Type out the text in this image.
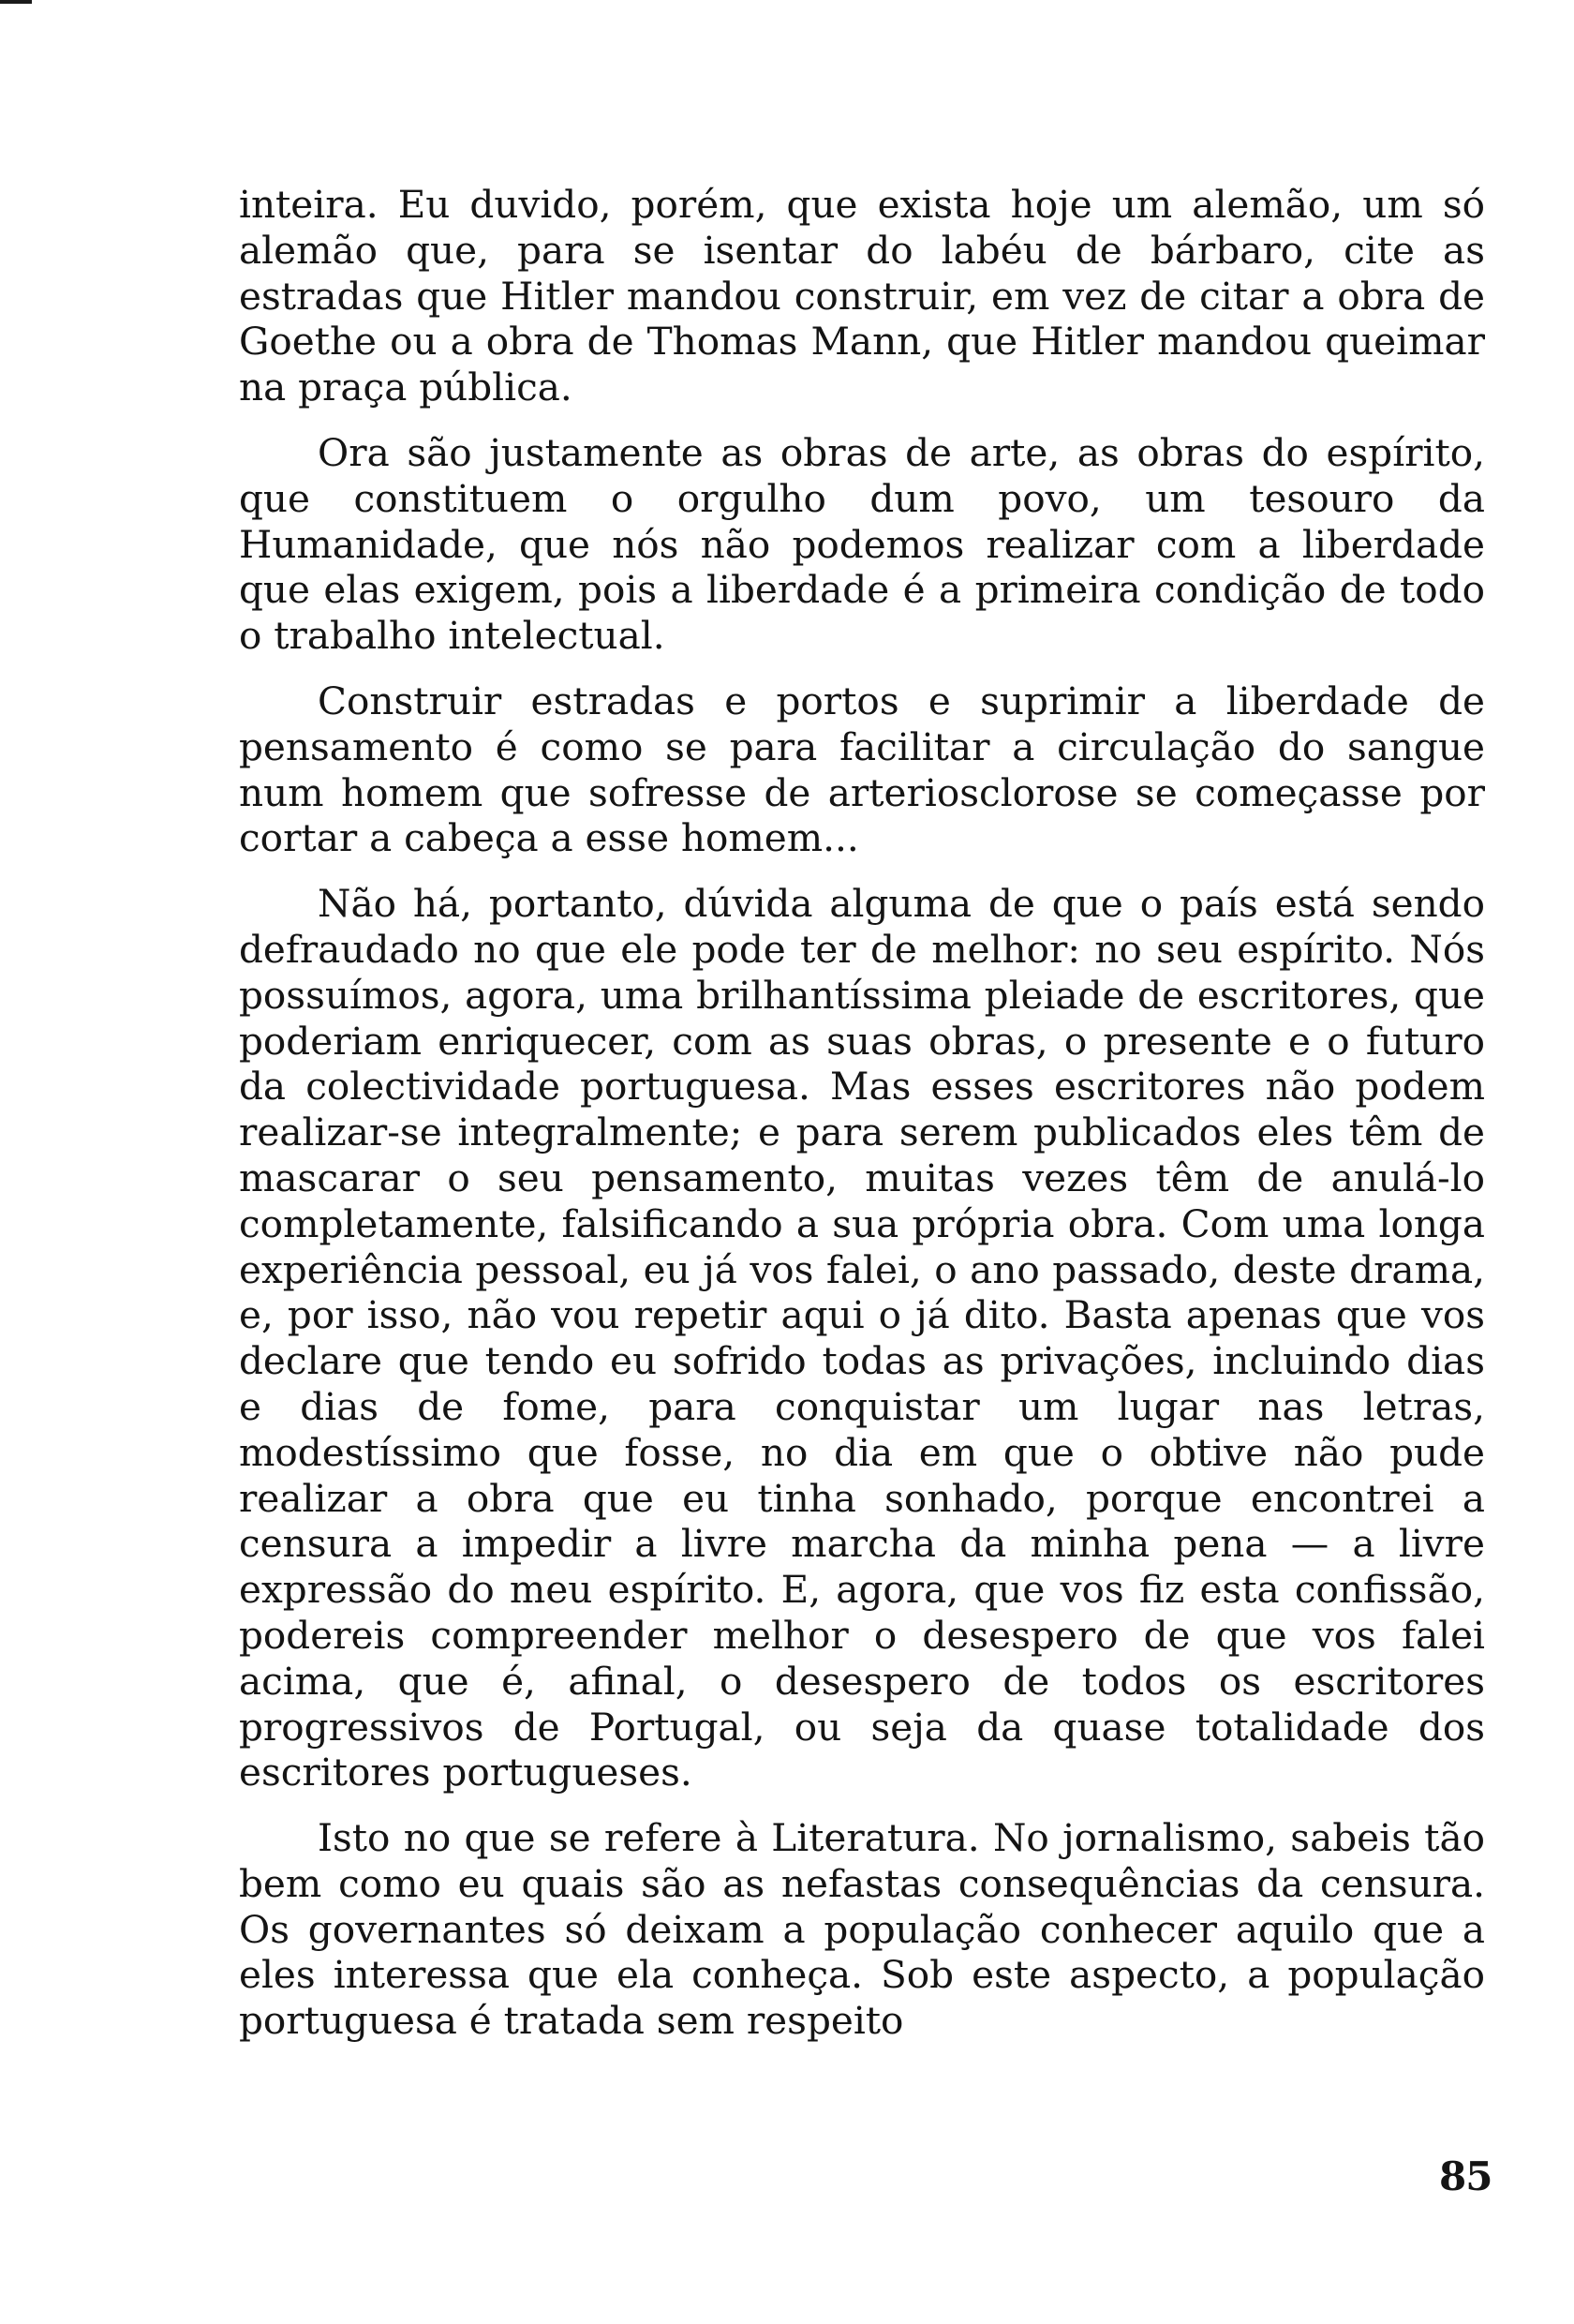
inteira. Eu duvido, porém, que exista hoje um alemão, um só alemão que, para se isentar do labéu de bárbaro, cite as estradas que Hitler mandou construir, em vez de citar a obra de Goethe ou a obra de Thomas Mann, que Hitler mandou queimar na praça pública.

Ora são justamente as obras de arte, as obras do espírito, que constituem o orgulho dum povo, um tesouro da Humanidade, que nós não podemos realizar com a liberdade que elas exigem, pois a liberdade é a primeira condição de todo o trabalho intelectual.

Construir estradas e portos e suprimir a liberdade de pensamento é como se para facilitar a circulação do sangue num homem que sofresse de arteriosclorose se começasse por cortar a cabeça a esse homem...

Não há, portanto, dúvida alguma de que o país está sendo defraudado no que ele pode ter de melhor: no seu espírito. Nós possuímos, agora, uma brilhantíssima pleiade de escritores, que poderiam enriquecer, com as suas obras, o presente e o futuro da colectividade portuguesa. Mas esses escritores não podem realizar-se integralmente; e para serem publicados eles têm de mascarar o seu pensamento, muitas vezes têm de anulá-lo completamente, falsificando a sua própria obra. Com uma longa experiência pessoal, eu já vos falei, o ano passado, deste drama, e, por isso, não vou repetir aqui o já dito. Basta apenas que vos declare que tendo eu sofrido todas as privações, incluindo dias e dias de fome, para conquistar um lugar nas letras, modestíssimo que fosse, no dia em que o obtive não pude realizar a obra que eu tinha sonhado, porque encontrei a censura a impedir a livre marcha da minha pena — a livre expressão do meu espírito. E, agora, que vos fiz esta confissão, podereis compreender melhor o desespero de que vos falei acima, que é, afinal, o desespero de todos os escritores progressivos de Portugal, ou seja da quase totalidade dos escritores portugueses.

Isto no que se refere à Literatura. No jornalismo, sabeis tão bem como eu quais são as nefastas consequências da censura. Os governantes só deixam a população conhecer aquilo que a eles interessa que ela conheça. Sob este aspecto, a população portuguesa é tratada sem respeito

85
